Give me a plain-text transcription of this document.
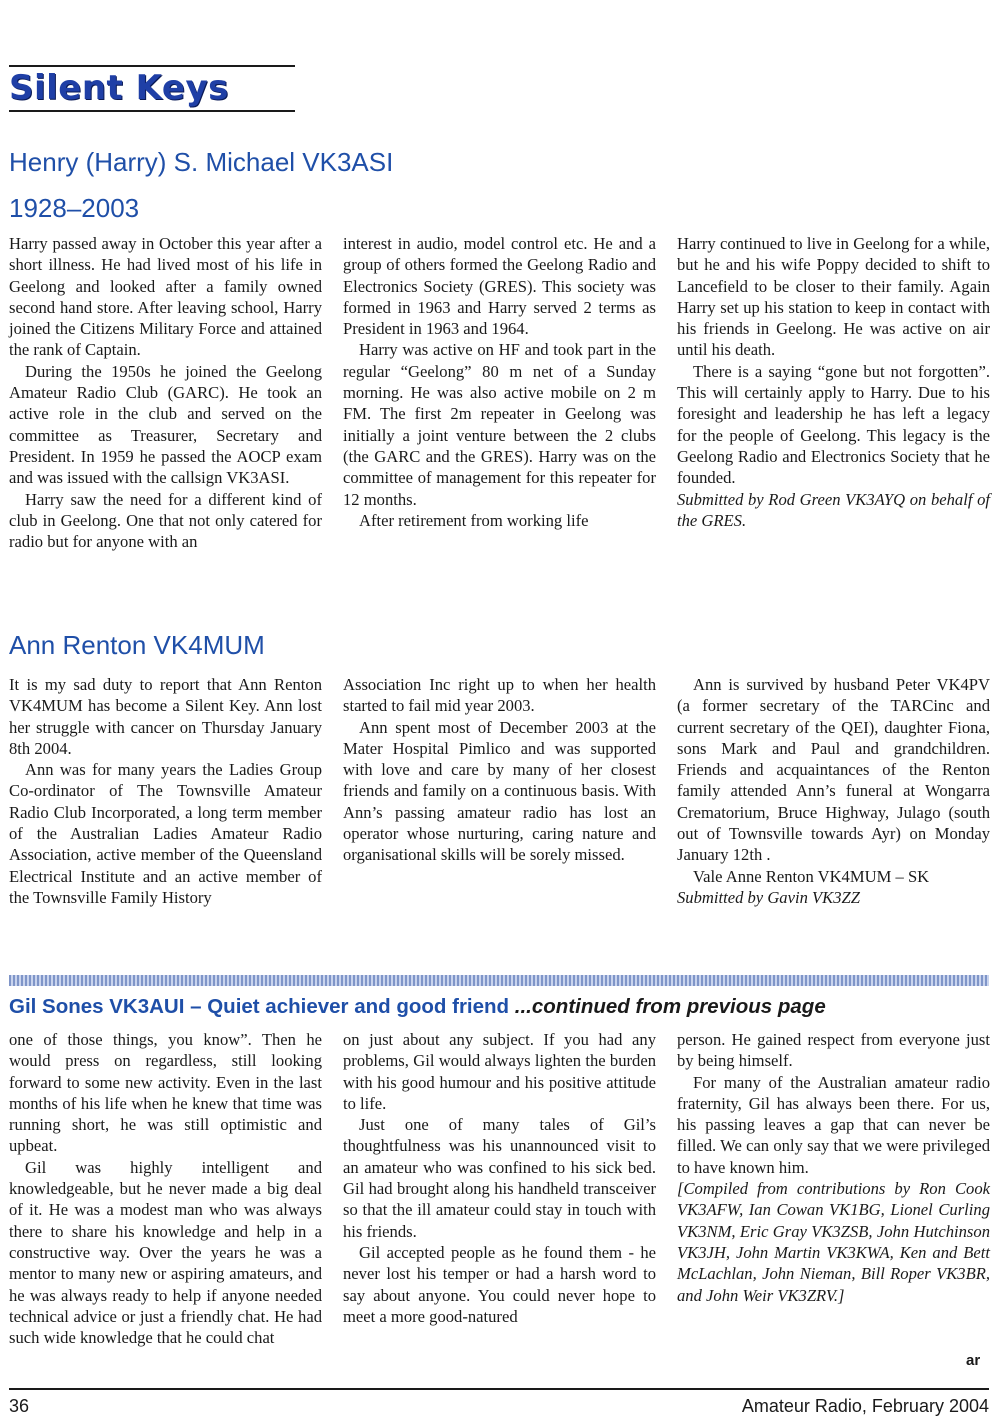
Silent Keys
Henry (Harry) S. Michael VK3ASI
1928–2003

Harry passed away in October this year after a short illness. He had lived most of his life in Geelong and looked after a family owned second hand store. After leaving school, Harry joined the Citizens Military Force and attained the rank of Captain.

During the 1950s he joined the Geelong Amateur Radio Club (GARC). He took an active role in the club and served on the committee as Treasurer, Secretary and President. In 1959 he passed the AOCP exam and was issued with the callsign VK3ASI.

Harry saw the need for a different kind of club in Geelong. One that not only catered for radio but for anyone with an

interest in audio, model control etc. He and a group of others formed the Geelong Radio and Electronics Society (GRES). This society was formed in 1963 and Harry served 2 terms as President in 1963 and 1964.

Harry was active on HF and took part in the regular “Geelong” 80 m net of a Sunday morning. He was also active mobile on 2 m FM. The first 2m repeater in Geelong was initially a joint venture between the 2 clubs (the GARC and the GRES). Harry was on the committee of management for this repeater for 12 months.

After retirement from working life

Harry continued to live in Geelong for a while, but he and his wife Poppy decided to shift to Lancefield to be closer to their family. Again Harry set up his station to keep in contact with his friends in Geelong. He was active on air until his death.

There is a saying “gone but not forgotten”. This will certainly apply to Harry. Due to his foresight and leadership he has left a legacy for the people of Geelong. This legacy is the Geelong Radio and Electronics Society that he founded.

Submitted by Rod Green VK3AYQ on behalf of the GRES.

Ann Renton VK4MUM

It is my sad duty to report that Ann Renton VK4MUM has become a Silent Key. Ann lost her struggle with cancer on Thursday January 8th 2004.

Ann was for many years the Ladies Group Co-ordinator of The Townsville Amateur Radio Club Incorporated, a long term member of the Australian Ladies Amateur Radio Association, active member of the Queensland Electrical Institute and an active member of the Townsville Family History

Association Inc right up to when her health started to fail mid year 2003.

Ann spent most of December 2003 at the Mater Hospital Pimlico and was supported with love and care by many of her closest friends and family on a continuous basis. With Ann’s passing amateur radio has lost an operator whose nurturing, caring nature and organisational skills will be sorely missed.

Ann is survived by husband Peter VK4PV (a former secretary of the TARCinc and current secretary of the QEI), daughter Fiona, sons Mark and Paul and grandchildren. Friends and acquaintances of the Renton family attended Ann’s funeral at Wongarra Crematorium, Bruce Highway, Julago (south out of Townsville towards Ayr) on Monday January 12th .

Vale Anne Renton VK4MUM – SK

Submitted by Gavin VK3ZZ

Gil Sones VK3AUI – Quiet achiever and good friend ...continued from previous page

one of those things, you know”. Then he would press on regardless, still looking forward to some new activity. Even in the last months of his life when he knew that time was running short, he was still optimistic and upbeat.

Gil was highly intelligent and knowledgeable, but he never made a big deal of it. He was a modest man who was always there to share his knowledge and help in a constructive way. Over the years he was a mentor to many new or aspiring amateurs, and he was always ready to help if anyone needed technical advice or just a friendly chat. He had such wide knowledge that he could chat

on just about any subject. If you had any problems, Gil would always lighten the burden with his good humour and his positive attitude to life.

Just one of many tales of Gil’s thoughtfulness was his unannounced visit to an amateur who was confined to his sick bed. Gil had brought along his handheld transceiver so that the ill amateur could stay in touch with his friends.

Gil accepted people as he found them - he never lost his temper or had a harsh word to say about anyone. You could never hope to meet a more good-natured

person. He gained respect from everyone just by being himself.

For many of the Australian amateur radio fraternity, Gil has always been there. For us, his passing leaves a gap that can never be filled. We can only say that we were privileged to have known him.

[Compiled from contributions by Ron Cook VK3AFW, Ian Cowan VK1BG, Lionel Curling VK3NM, Eric Gray VK3ZSB, John Hutchinson VK3JH, John Martin VK3KWA, Ken and Bett McLachlan, John Nieman, Bill Roper VK3BR, and John Weir VK3ZRV.]

ar
36	Amateur Radio, February 2004
